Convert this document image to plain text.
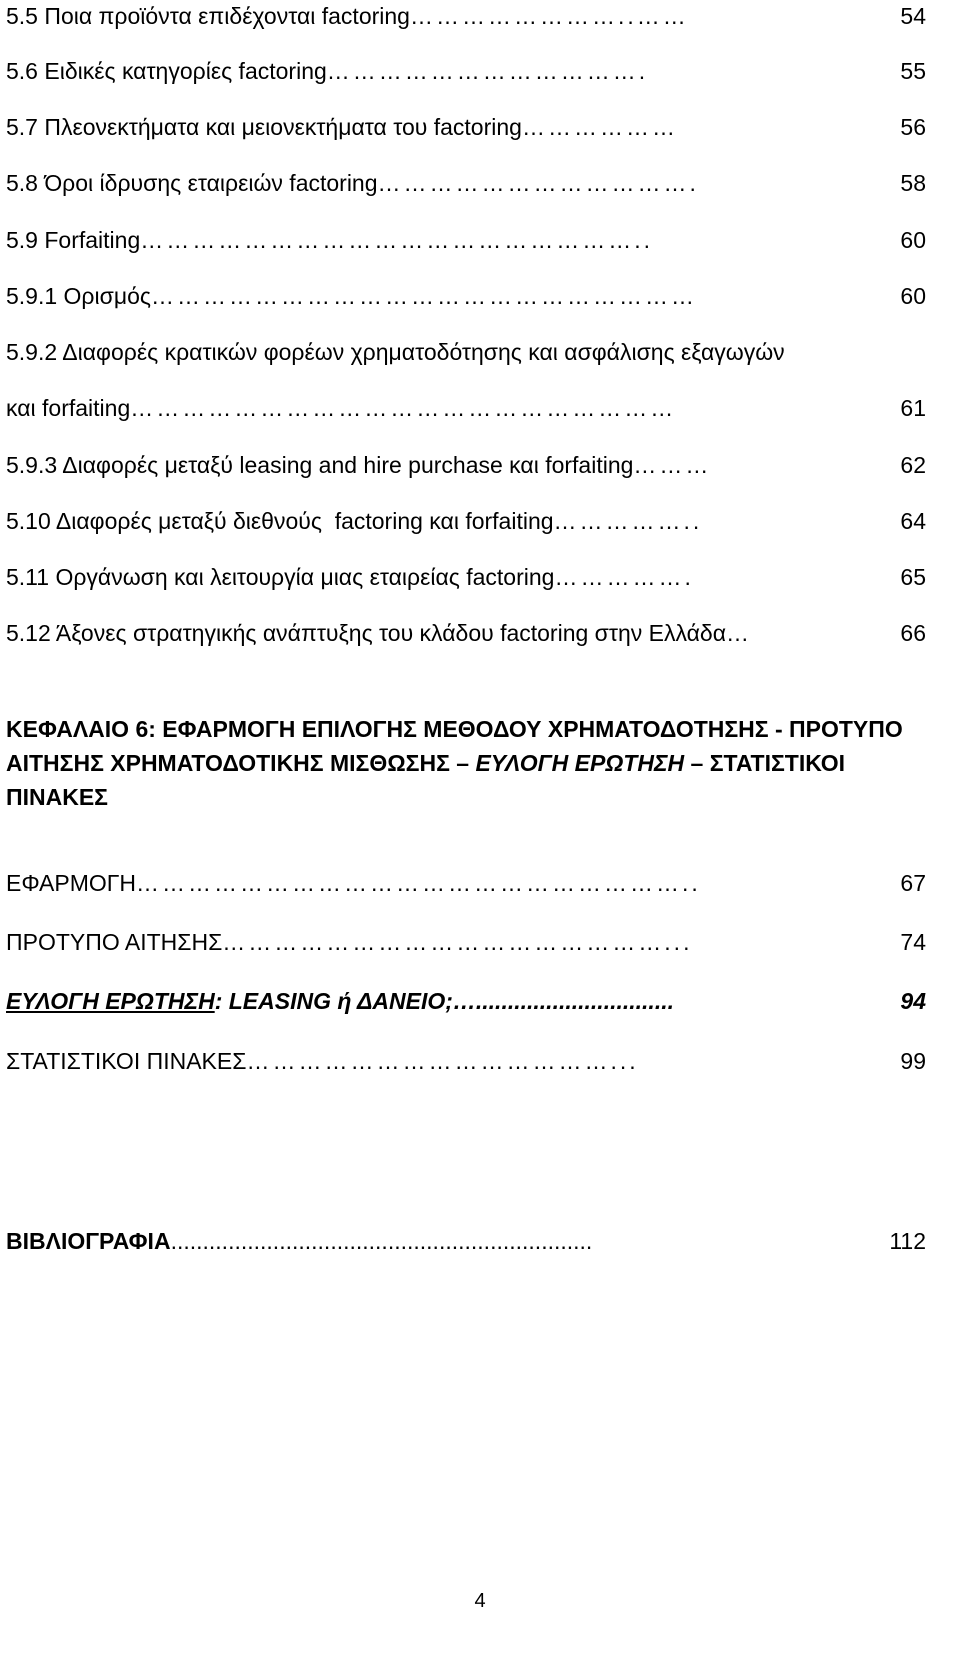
5.5 Ποια προϊόντα επιδέχονται factoring ……………………..……	54
5.6 Ειδικές κατηγορίες factoring ……………………………….	55
5.7 Πλεονεκτήματα και μειονεκτήματα του factoring ………………	56
5.8 Όροι ίδρυσης εταιρειών factoring ……………………………….	58
5.9 Forfaiting …………………………………………………..	60
5.9.1 Ορισμός ………………………………………………………	60
5.9.2 Διαφορές κρατικών φορέων χρηματοδότησης και ασφάλισης εξαγωγών
και forfaiting ………………………………………………………	61
5.9.3 Διαφορές μεταξύ leasing and hire purchase και forfaiting ………	62
5.10 Διαφορές μεταξύ διεθνούς  factoring και forfaiting ……………..	64
5.11 Οργάνωση και λειτουργία μιας εταιρείας factoring …………….	65
5.12 Άξονες στρατηγικής ανάπτυξης του κλάδου factoring στην Ελλάδα …	66
ΚΕΦΑΛΑΙΟ 6: ΕΦΑΡΜΟΓΗ ΕΠΙΛΟΓΗΣ ΜΕΘΟΔΟΥ ΧΡΗΜΑΤΟΔΟΤΗΣΗΣ - ΠΡΟΤΥΠΟ ΑΙΤΗΣΗΣ ΧΡΗΜΑΤΟΔΟΤΙΚΗΣ ΜΙΣΘΩΣΗΣ – ΕΥΛΟΓΗ ΕΡΩΤΗΣΗ – ΣΤΑΤΙΣΤΙΚΟΙ ΠΙΝΑΚΕΣ
ΕΦΑΡΜΟΓΗ ………………………………………………………..	67
ΠΡΟΤΥΠΟ ΑΙΤΗΣΗΣ ……………………………………………...	74
ΕΥΛΟΓΗ ΕΡΩΤΗΣΗ: LEASING ή ΔΑΝΕΙΟ; …...............................	94
ΣΤΑΤΙΣΤΙΚΟΙ ΠΙΝΑΚΕΣ ……………………………………...	99
ΒΙΒΛΙΟΓΡΑΦΙΑ ..................................................................	112
4
